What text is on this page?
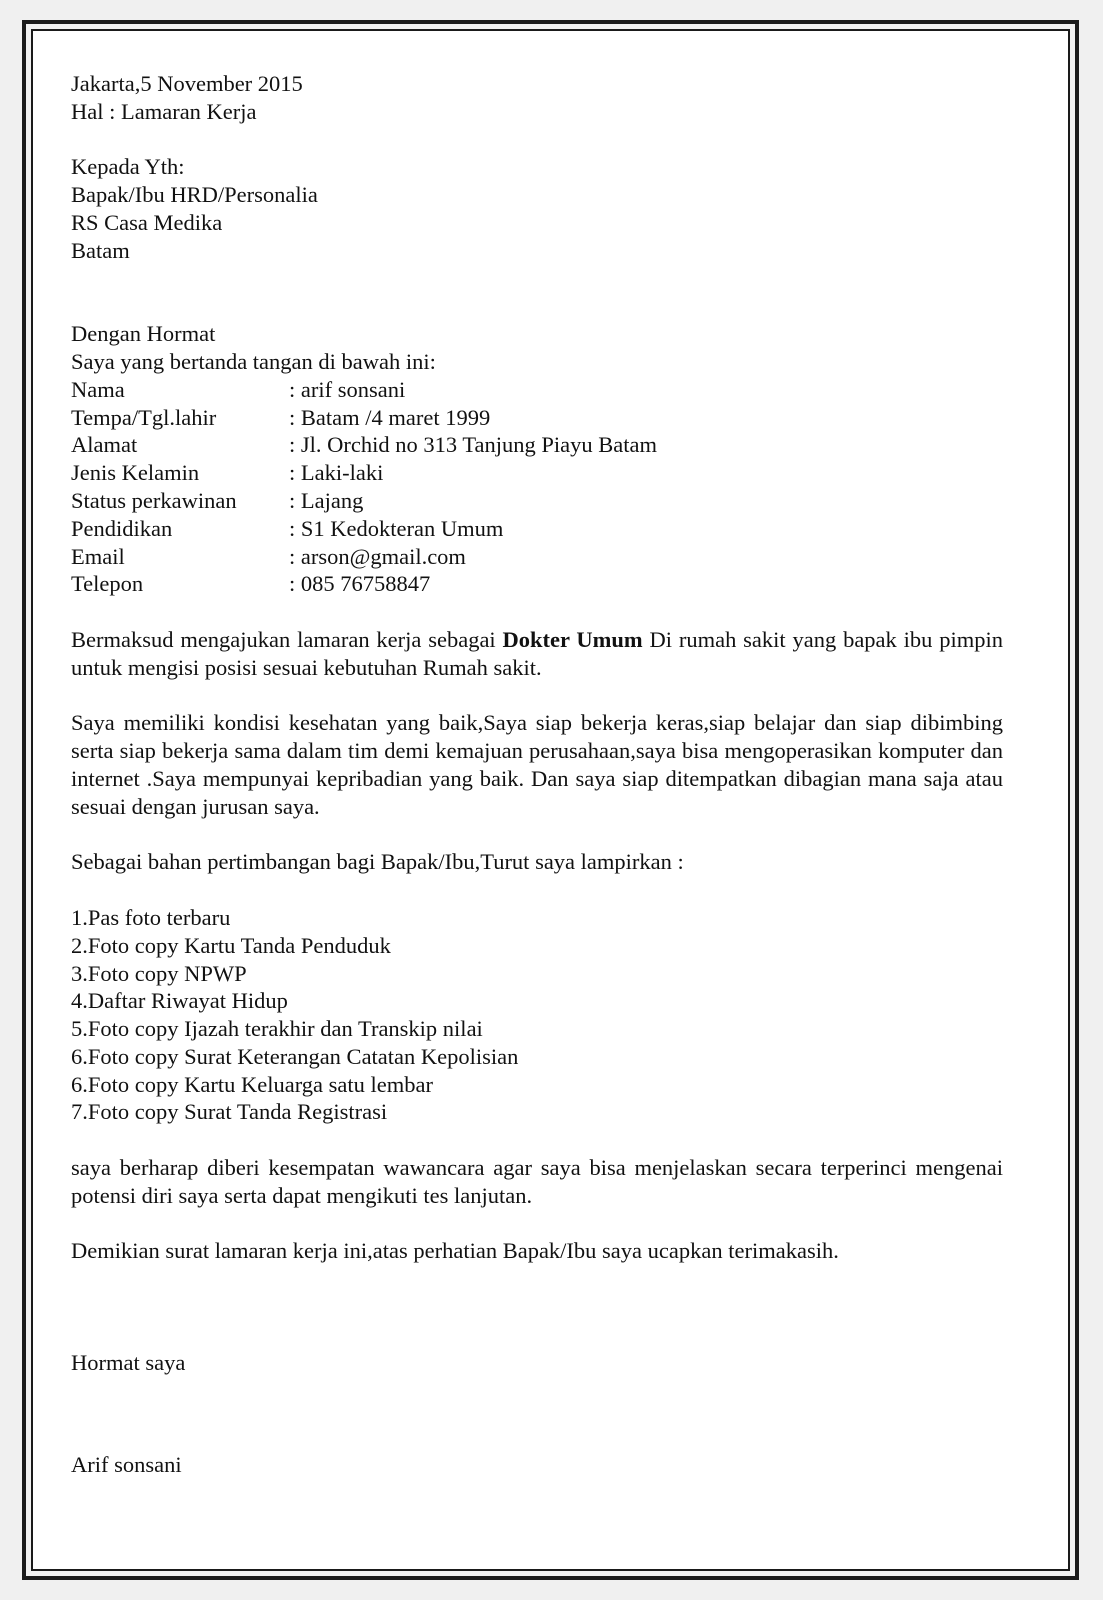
Jakarta,5 November 2015
Hal : Lamaran Kerja
Kepada Yth:
Bapak/Ibu HRD/Personalia
RS Casa Medika
Batam
Dengan Hormat
Saya yang bertanda tangan di bawah ini:
Nama	: arif sonsani
Tempa/Tgl.lahir	: Batam /4 maret 1999
Alamat	: Jl. Orchid no 313 Tanjung Piayu Batam
Jenis Kelamin	: Laki-laki
Status perkawinan	: Lajang
Pendidikan	: S1 Kedokteran Umum
Email	: arson@gmail.com
Telepon	: 085 76758847
Bermaksud mengajukan lamaran kerja sebagai Dokter Umum Di rumah sakit yang bapak ibu pimpin untuk mengisi posisi sesuai kebutuhan Rumah sakit.
Saya memiliki kondisi kesehatan yang baik,Saya siap bekerja keras,siap belajar dan siap dibimbing serta siap bekerja sama dalam tim demi kemajuan perusahaan,saya bisa mengoperasikan komputer dan internet .Saya mempunyai kepribadian yang baik. Dan saya siap ditempatkan dibagian mana saja atau sesuai dengan jurusan saya.
Sebagai bahan pertimbangan bagi Bapak/Ibu,Turut saya lampirkan :
1.Pas foto terbaru
2.Foto copy Kartu Tanda Penduduk
3.Foto copy NPWP
4.Daftar Riwayat Hidup
5.Foto copy Ijazah terakhir dan Transkip nilai
6.Foto copy Surat Keterangan Catatan Kepolisian
6.Foto copy Kartu Keluarga satu lembar
7.Foto copy Surat Tanda Registrasi
saya berharap diberi kesempatan wawancara agar saya bisa menjelaskan secara terperinci mengenai potensi diri saya serta dapat mengikuti tes lanjutan.
Demikian surat lamaran kerja ini,atas perhatian Bapak/Ibu saya ucapkan terimakasih.
Hormat saya
Arif sonsani
